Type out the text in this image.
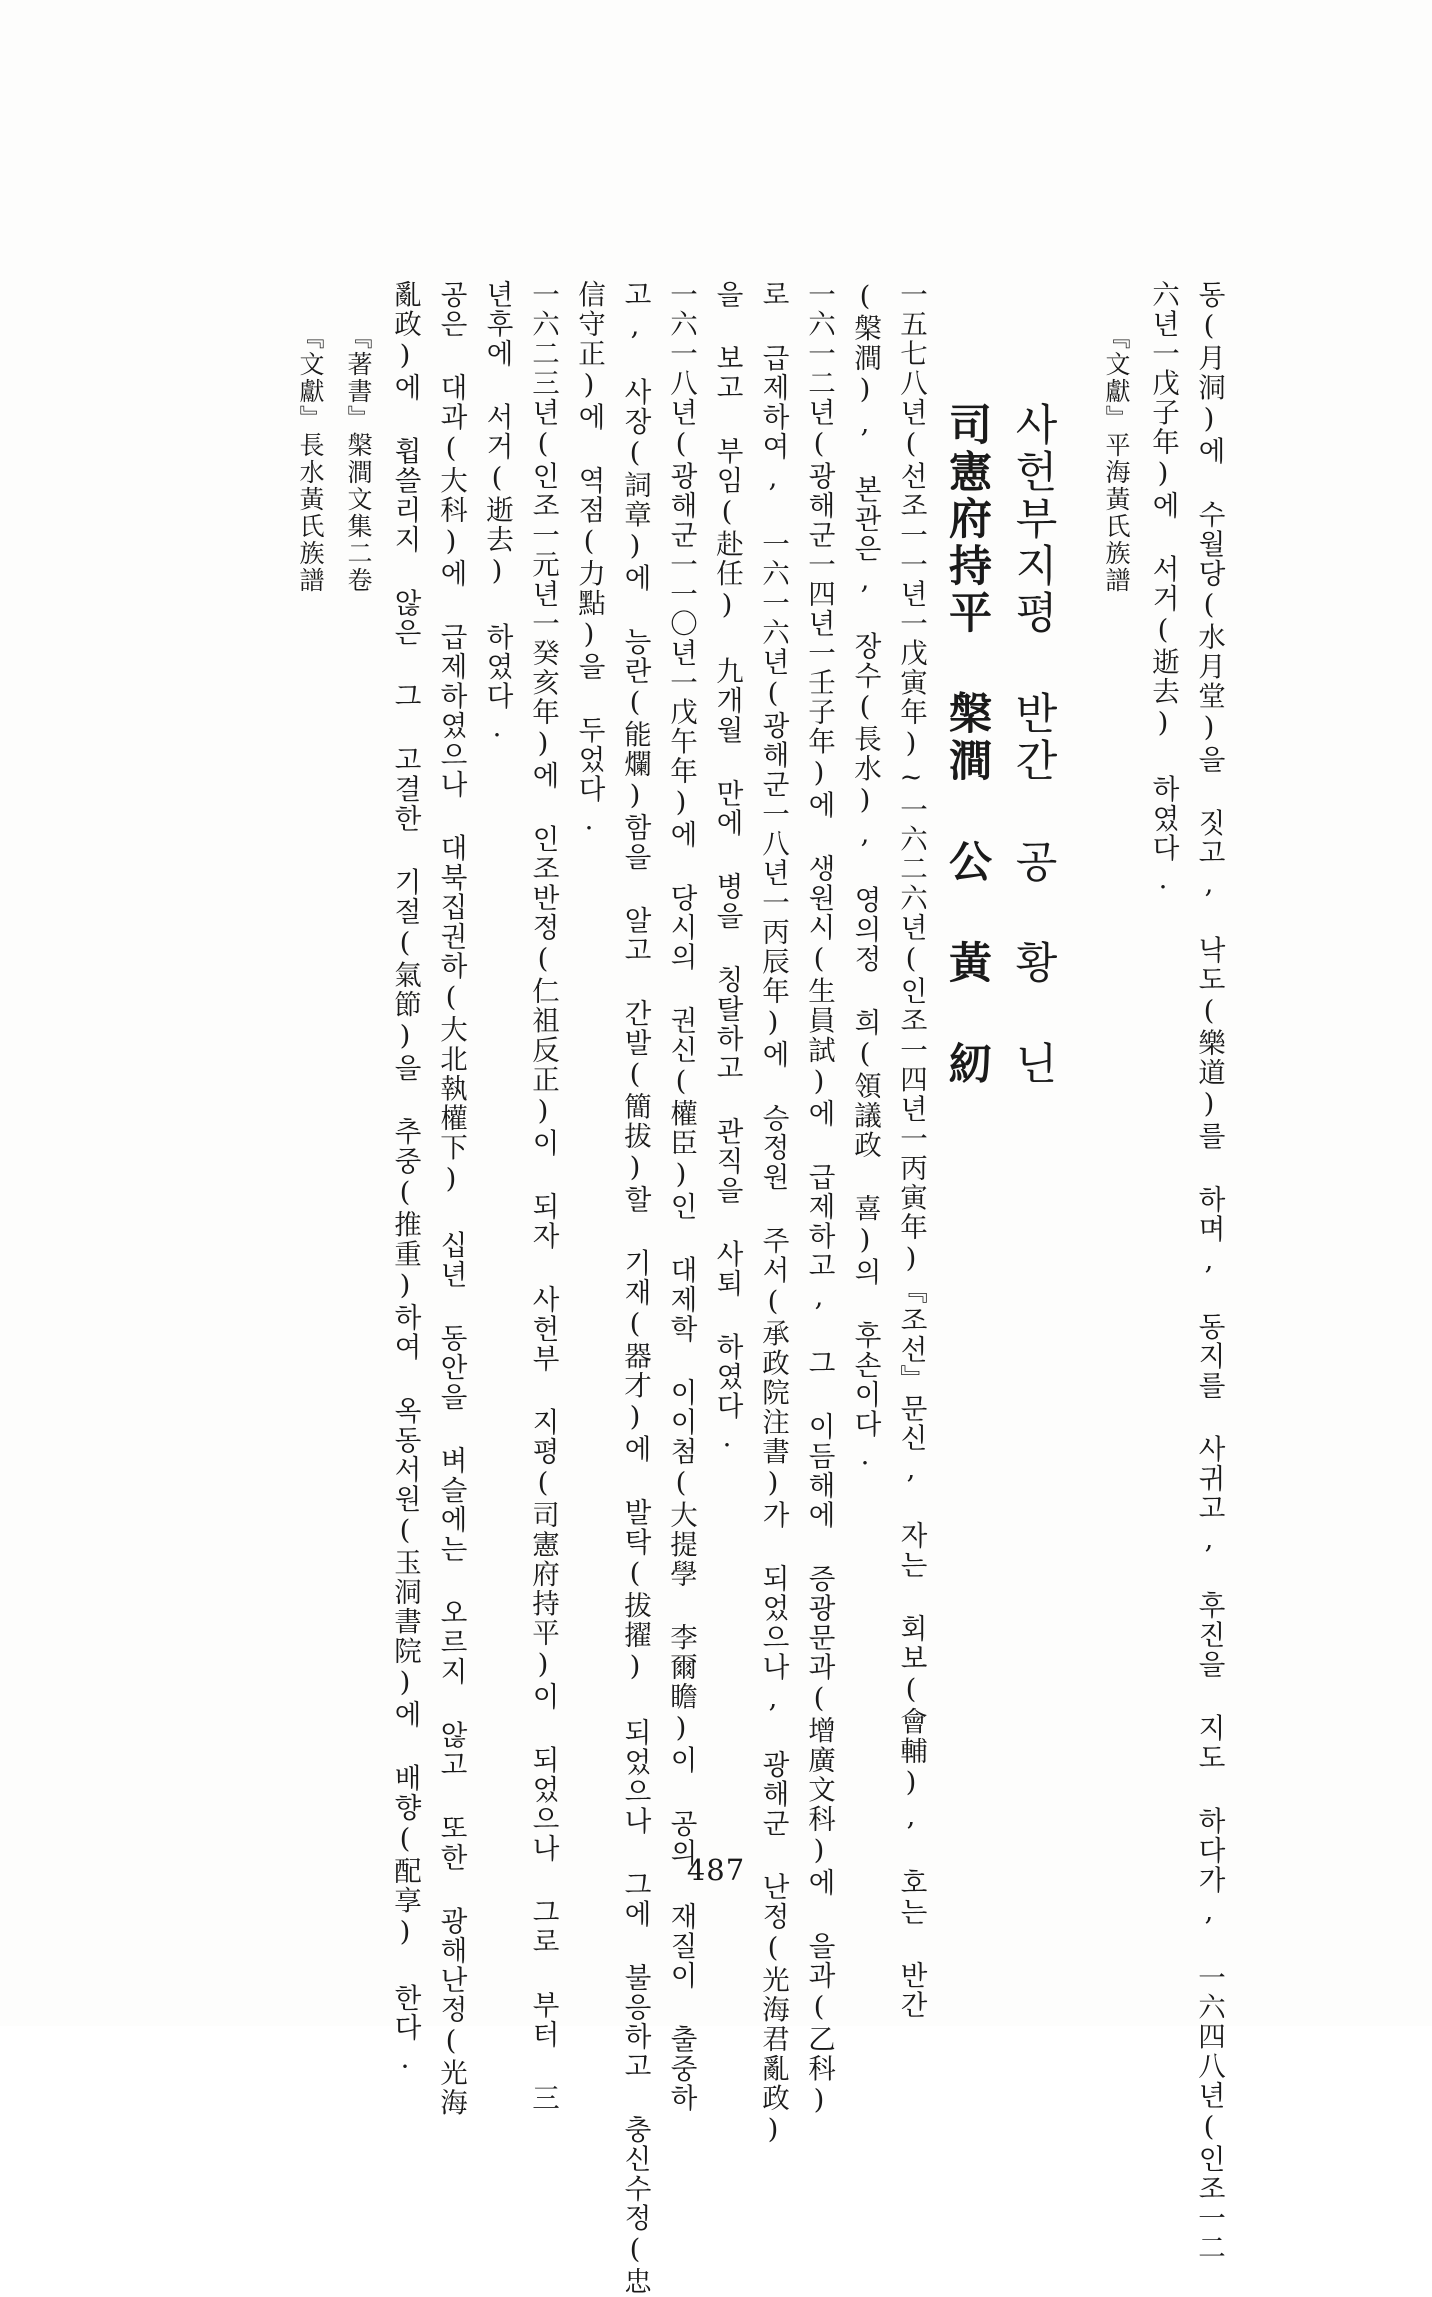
동(月洞)에 수월당(水月堂)을 짓고, 낙도(樂道)를 하며, 동지를 사귀고, 후진을 지도 하다가, 一六四八년(인조一二
六년一戊子年)에 서거(逝去) 하였다.
『文獻』平海黃氏族譜
사헌부지평 반간 공 황 닌
司憲府持平 槃澗 公 黃 紉
一五七八년(선조一一년一戊寅年)~一六二六년(인조一四년一丙寅年)『조선』문신, 자는 회보(會輔), 호는 반간
(槃澗), 본관은, 장수(長水), 영의정 희(領議政 喜)의 후손이다.
一六一二년(광해군一四년一壬子年)에 생원시(生員試)에 급제하고, 그 이듬해에 증광문과(增廣文科)에 을과(乙科)
로 급제하여, 一六一六년(광해군一八년一丙辰年)에 승정원 주서(承政院注書)가 되었으나, 광해군 난정(光海君亂政)
을 보고 부임(赴任) 九개월 만에 병을 칭탈하고 관직을 사퇴 하였다.
一六一八년(광해군一一〇년一戊午年)에 당시의 권신(權臣)인 대제학 이이첨(大提學 李爾瞻)이 공의 재질이 출중하
고, 사장(詞章)에 능란(能爛)함을 알고 간발(簡拔)할 기재(器才)에 발탁(拔擢) 되었으나 그에 불응하고 충신수정(忠
信守正)에 역점(力點)을 두었다.
一六二三년(인조一元년一癸亥年)에 인조반정(仁祖反正)이 되자 사헌부 지평(司憲府持平)이 되었으나 그로 부터 三
년후에 서거(逝去) 하였다.
공은 대과(大科)에 급제하였으나 대북집권하(大北執權下) 십년 동안을 벼슬에는 오르지 않고 또한 광해난정(光海
亂政)에 휩쓸리지 않은 그 고결한 기절(氣節)을 추중(推重)하여 옥동서원(玉洞書院)에 배향(配享) 한다.
『著書』槃澗文集二卷
『文獻』長水黃氏族譜
487
